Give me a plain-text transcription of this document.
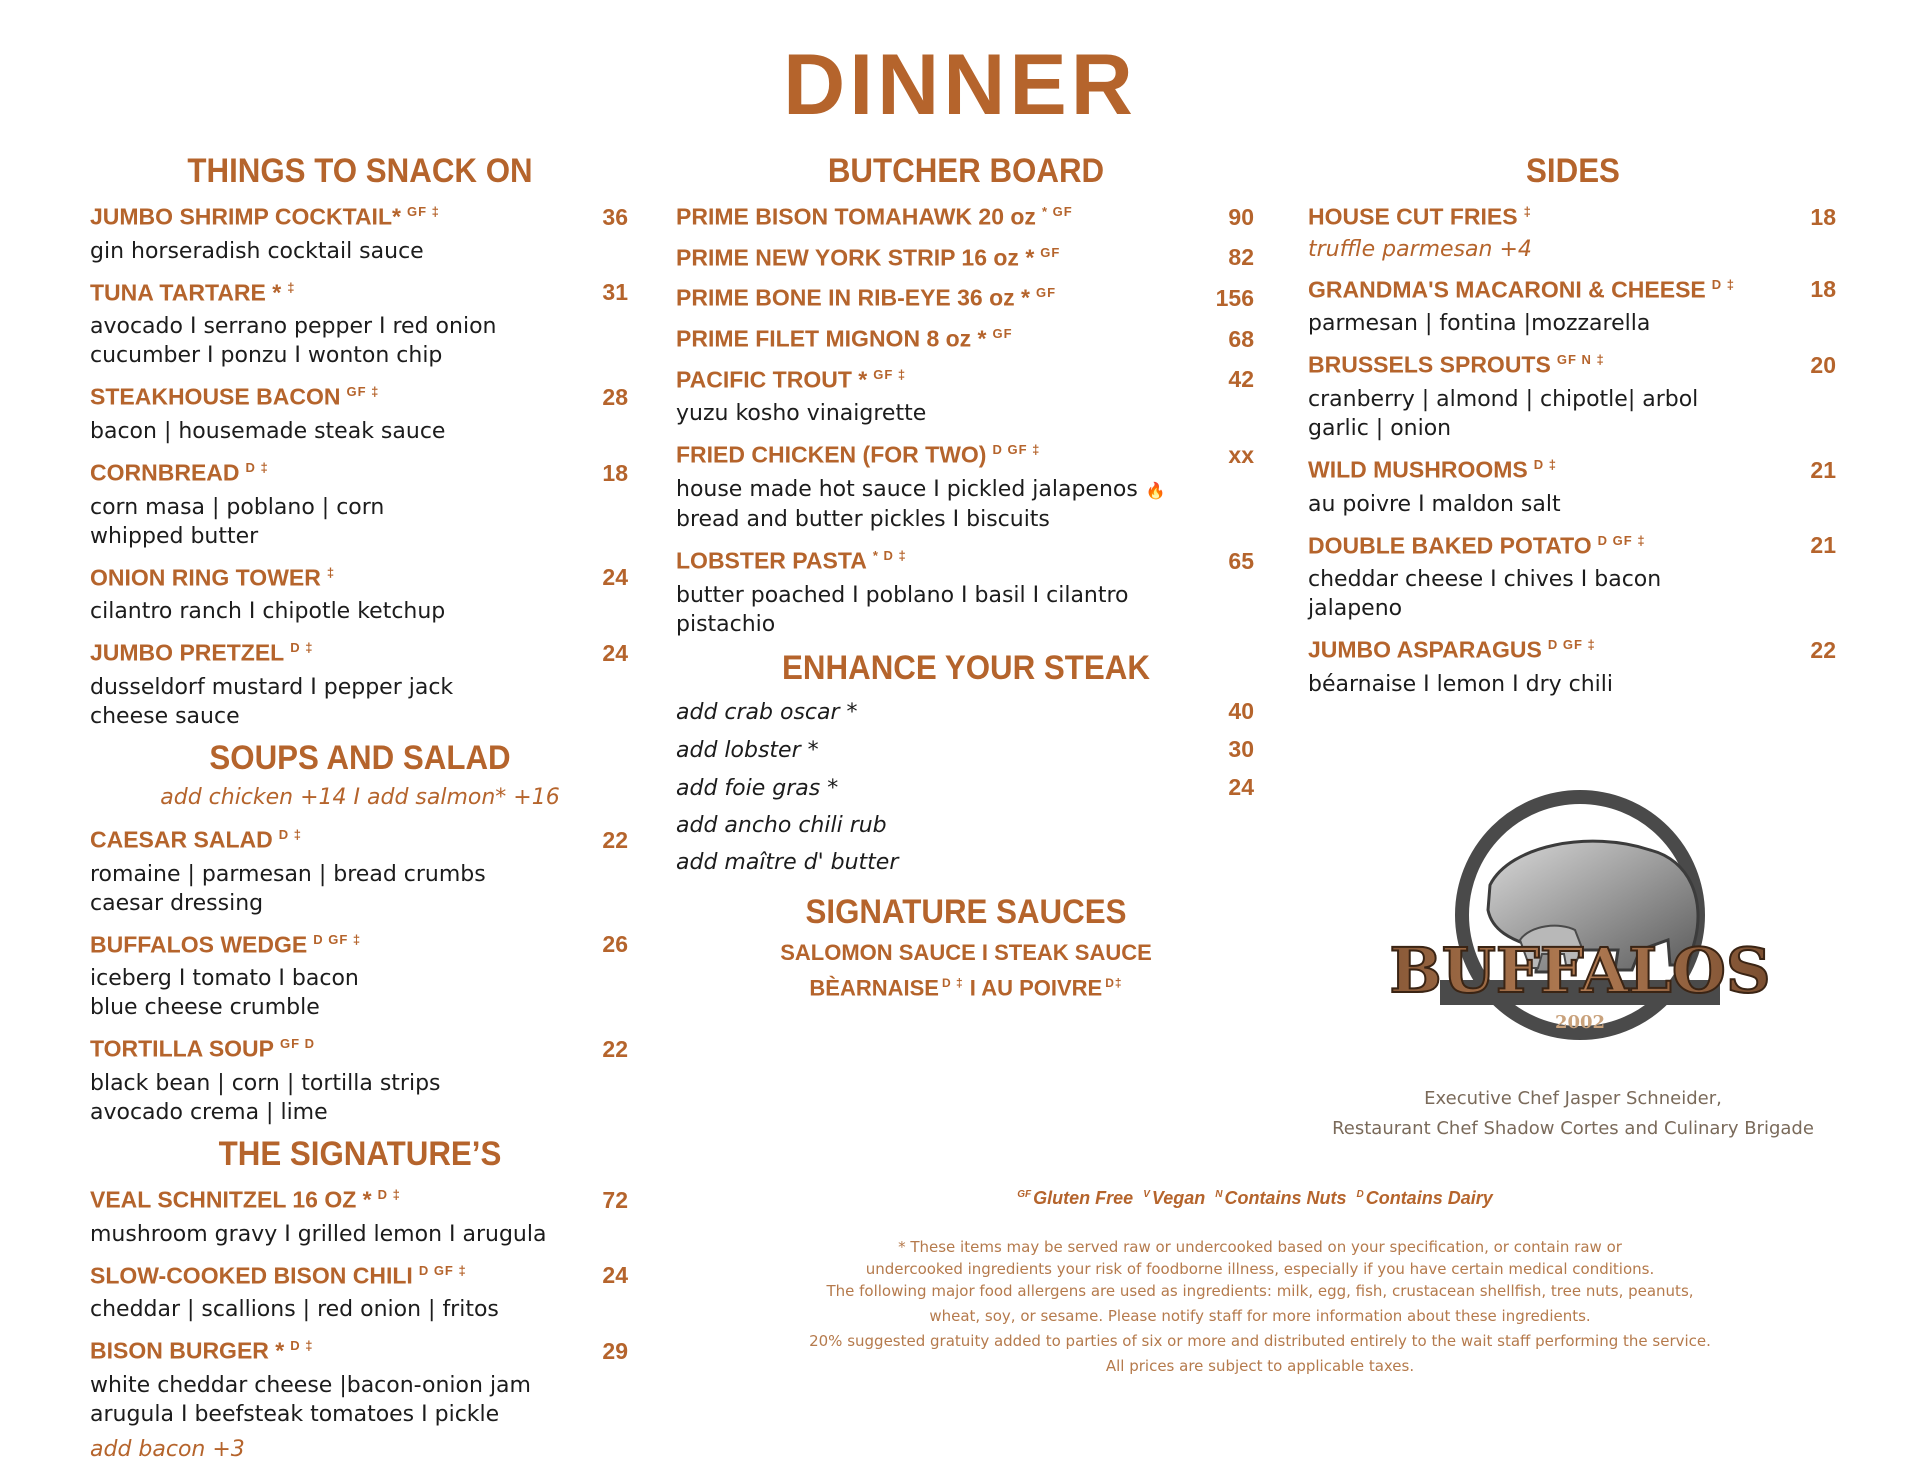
DINNER
THINGS TO SNACK ON
JUMBO SHRIMP COCKTAIL* $^{GF \ddagger}$	36
gin horseradish cocktail sauce
TUNA TARTARE * ‡	31
avocado I serrano pepper I red onion
cucumber I ponzu I wonton chip
STEAKHOUSE BACON $^{GF \ddagger}$	28
bacon | housemade steak sauce
CORNBREAD $^{D \ddagger}$	18
corn masa | poblano | corn
whipped butter
ONION RING TOWER ‡	24
cilantro ranch I chipotle ketchup
JUMBO PRETZEL $^{D \ddagger}$	24
dusseldorf mustard I pepper jack
cheese sauce
SOUPS AND SALAD
add chicken +14 I add salmon* +16
CAESAR SALAD $^{D \ddagger}$	22
romaine | parmesan | bread crumbs
caesar dressing
BUFFALOS WEDGE $^{D GF \ddagger}$	26
iceberg I tomato I bacon
blue cheese crumble
TORTILLA SOUP $^{GF D}$	22
black bean | corn | tortilla strips
avocado crema | lime
THE SIGNATURE’S
VEAL SCHNITZEL 16 OZ * $^{D \ddagger}$	72
mushroom gravy I grilled lemon I arugula
SLOW-COOKED BISON CHILI $^{D GF \ddagger}$	24
cheddar | scallions | red onion | fritos
BISON BURGER * $^{D \ddagger}$	29
white cheddar cheese |bacon-onion jam
arugula I beefsteak tomatoes I pickle
add bacon +3
BUTCHER BOARD
PRIME BISON TOMAHAWK 20 oz $^{* GF}$	90
PRIME NEW YORK STRIP 16 oz * $^{GF}$	82
PRIME BONE IN RIB-EYE 36 oz * $^{GF}$	156
PRIME FILET MIGNON 8 oz * $^{GF}$	68
PACIFIC TROUT * $^{GF \ddagger}$	42
yuzu kosho vinaigrette
FRIED CHICKEN (FOR TWO) $^{D GF \ddagger}$	xx
house made hot sauce I pickled jalapenos 🔥
bread and butter pickles I biscuits
LOBSTER PASTA $^{* D \ddagger}$	65
butter poached I poblano I basil I cilantro
pistachio
ENHANCE YOUR STEAK
add crab oscar *	40
add lobster *	30
add foie gras *	24
add ancho chili rub
add maître d' butter
SIGNATURE SAUCES
SALOMON SAUCE I STEAK SAUCE
BÈARNAISE $^{D \ddagger}$ I AU POIVRE $^{D\ddagger}$
SIDES
HOUSE CUT FRIES ‡	18
truffle parmesan +4
GRANDMA'S MACARONI & CHEESE $^{D \ddagger}$	18
parmesan | fontina |mozzarella
BRUSSELS SPROUTS $^{GF N \ddagger}$	20
cranberry | almond | chipotle| arbol
garlic | onion
WILD MUSHROOMS $^{D \ddagger}$	21
au poivre I maldon salt
DOUBLE BAKED POTATO $^{D GF \ddagger}$	21
cheddar cheese I chives I bacon
jalapeno
JUMBO ASPARAGUS $^{D GF \ddagger}$	22
béarnaise I lemon I dry chili
BUFFALOS
2002
Executive Chef Jasper Schneider,
Restaurant Chef Shadow Cortes and Culinary Brigade
$^{GF}$ Gluten Free $^V$ Vegan $^N$ Contains Nuts $^D$ Contains Dairy
* These items may be served raw or undercooked based on your specification, or contain raw or
undercooked ingredients your risk of foodborne illness, especially if you have certain medical conditions.
The following major food allergens are used as ingredients: milk, egg, fish, crustacean shellfish, tree nuts, peanuts,
wheat, soy, or sesame. Please notify staff for more information about these ingredients.
20% suggested gratuity added to parties of six or more and distributed entirely to the wait staff performing the service.
All prices are subject to applicable taxes.
